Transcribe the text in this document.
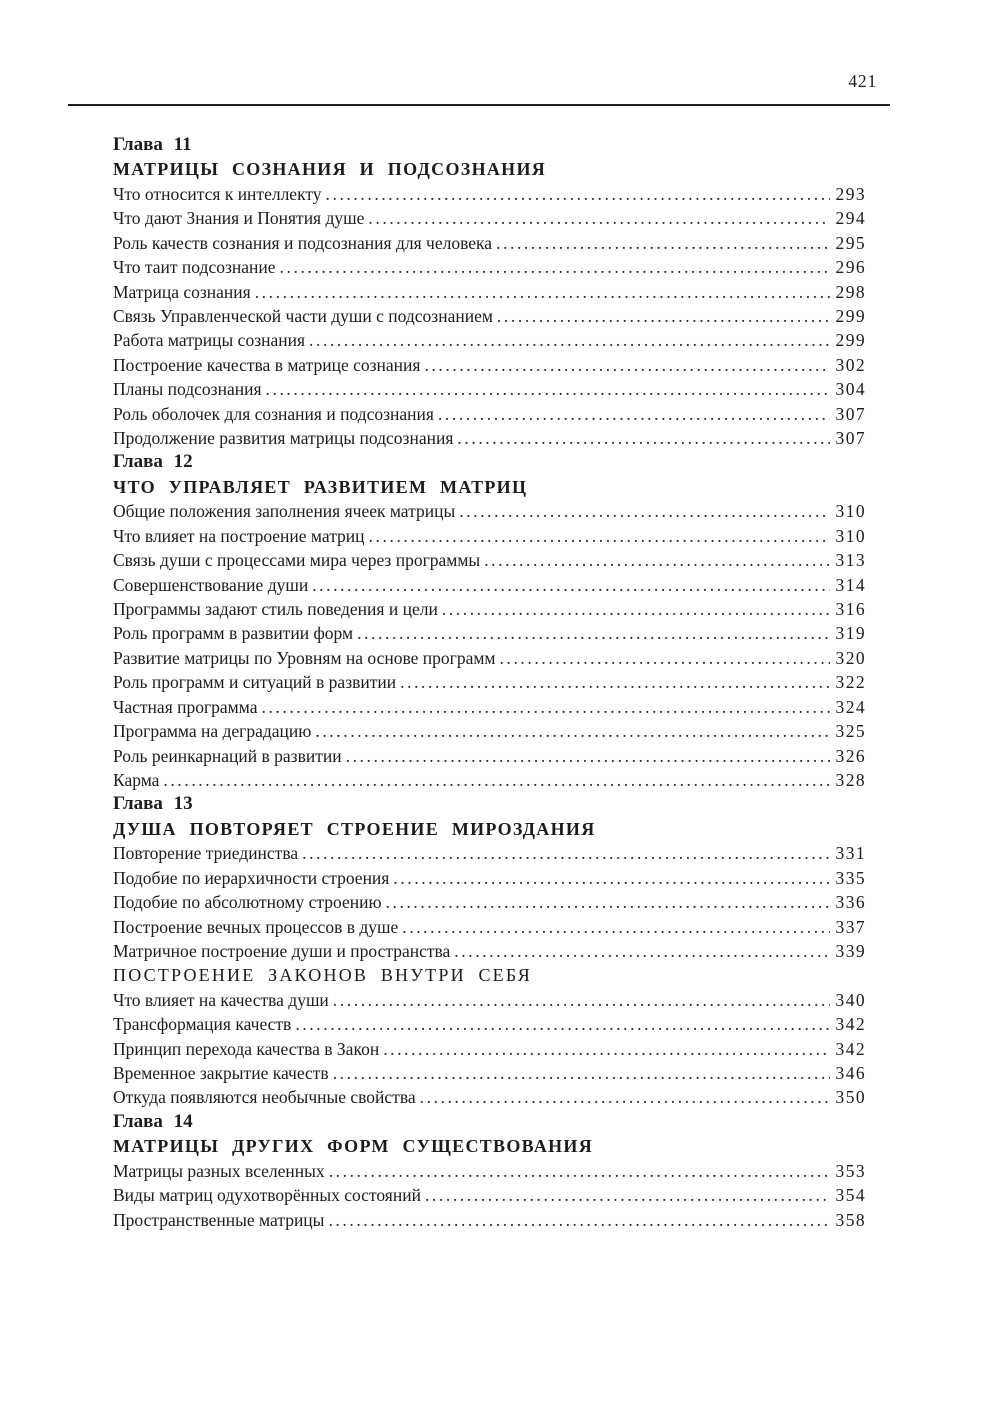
421
Глава 11
МАТРИЦЫ СОЗНАНИЯ И ПОДСОЗНАНИЯ
Что относится к интеллекту .....	293
Что дают Знания и Понятия душе .....	294
Роль качеств сознания и подсознания для человека .....	295
Что таит подсознание .....	296
Матрица сознания .....	298
Связь Управленческой части души с подсознанием .....	299
Работа матрицы сознания .....	299
Построение качества в матрице сознания .....	302
Планы подсознания .....	304
Роль оболочек для сознания и подсознания .....	307
Продолжение развития матрицы подсознания .....	307
Глава 12
ЧТО УПРАВЛЯЕТ РАЗВИТИЕМ МАТРИЦ
Общие положения заполнения ячеек матрицы .....	310
Что влияет на построение матриц .....	310
Связь души с процессами мира через программы .....	313
Совершенствование души .....	314
Программы задают стиль поведения и цели .....	316
Роль программ в развитии форм .....	319
Развитие матрицы по Уровням на основе программ .....	320
Роль программ и ситуаций в развитии .....	322
Частная программа .....	324
Программа на деградацию .....	325
Роль реинкарнаций в развитии .....	326
Карма .....	328
Глава 13
ДУША ПОВТОРЯЕТ СТРОЕНИЕ МИРОЗДАНИЯ
Повторение триединства .....	331
Подобие по иерархичности строения .....	335
Подобие по абсолютному строению .....	336
Построение вечных процессов в душе .....	337
Матричное построение души и пространства .....	339
ПОСТРОЕНИЕ ЗАКОНОВ ВНУТРИ СЕБЯ
Что влияет на качества души .....	340
Трансформация качеств .....	342
Принцип перехода качества в Закон .....	342
Временное закрытие качеств .....	346
Откуда появляются необычные свойства .....	350
Глава 14
МАТРИЦЫ ДРУГИХ ФОРМ СУЩЕСТВОВАНИЯ
Матрицы разных вселенных .....	353
Виды матриц одухотворённых состояний .....	354
Пространственные матрицы .....	358
